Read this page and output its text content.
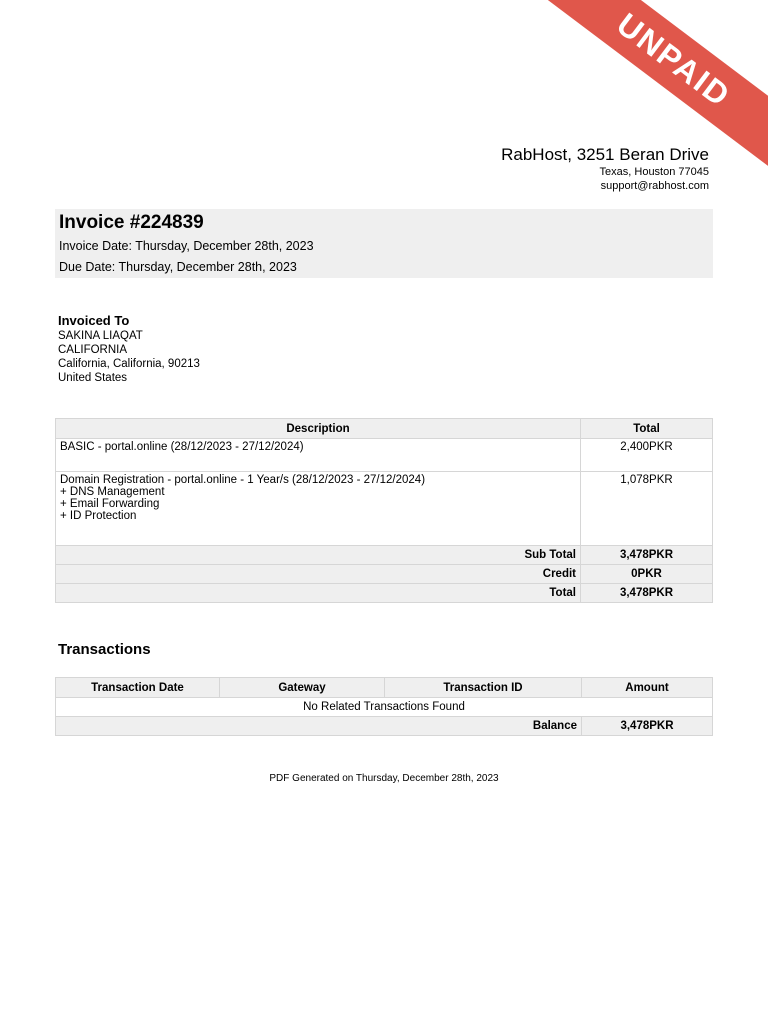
UNPAID
RabHost, 3251 Beran Drive
Texas, Houston 77045
support@rabhost.com
Invoice #224839
Invoice Date: Thursday, December 28th, 2023
Due Date: Thursday, December 28th, 2023
Invoiced To
SAKINA LIAQAT
CALIFORNIA
California, California, 90213
United States
Description	Total

BASIC - portal.online (28/12/2023 - 27/12/2024)	2,400PKR

Domain Registration - portal.online - 1 Year/s (28/12/2023 - 27/12/2024)
+ DNS Management
+ Email Forwarding
+ ID Protection	1,078PKR
Sub Total	3,478PKR
Credit	0PKR
Total	3,478PKR
Transactions
Transaction Date	Gateway	Transaction ID	Amount
No Related Transactions Found			
Balance			3,478PKR
PDF Generated on Thursday, December 28th, 2023
